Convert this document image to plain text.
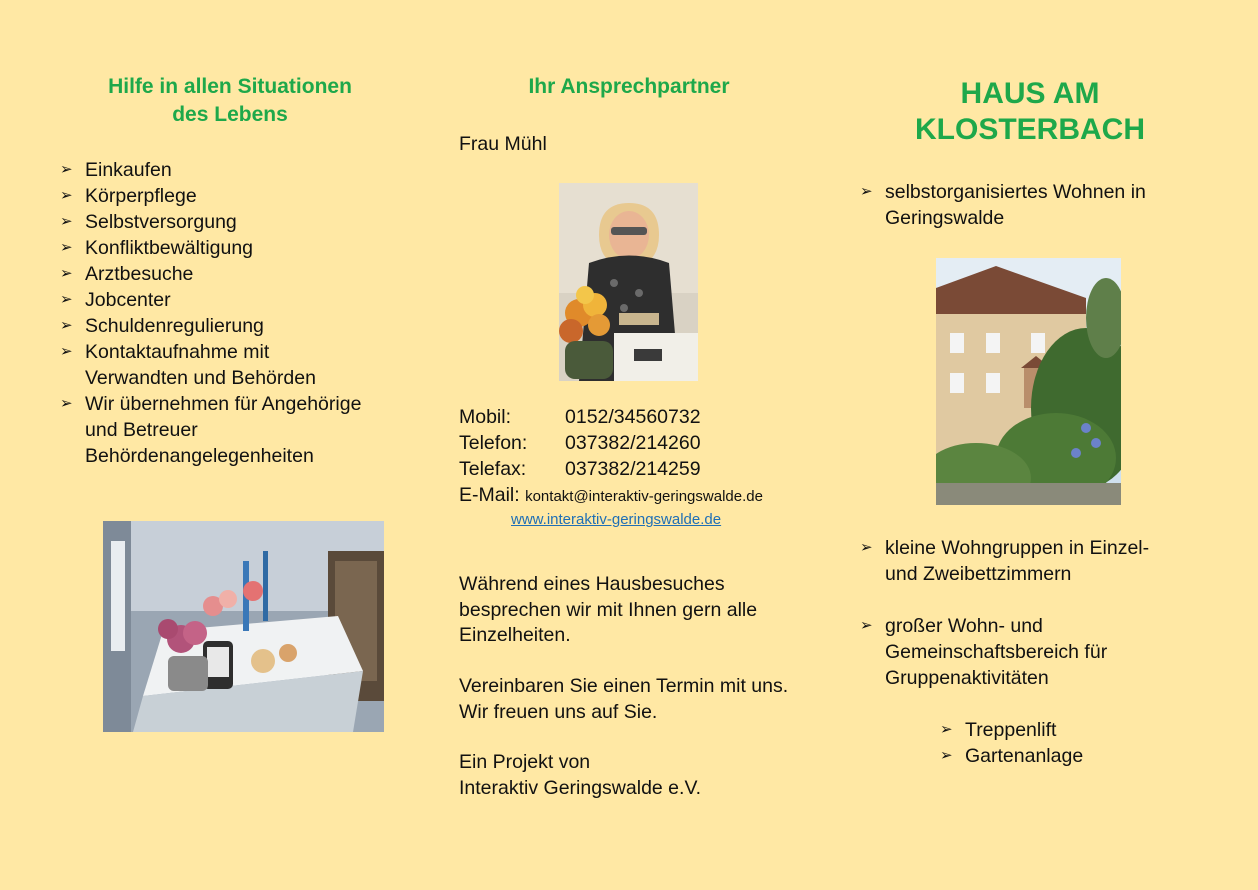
Hilfe in allen Situationen

des Lebens

➢ Einkaufen
➢ Körperpflege
➢ Selbstversorgung
➢ Konfliktbewältigung
➢ Arztbesuche
➢ Jobcenter
➢ Schuldenregulierung
➢ Kontaktaufnahme mit
Verwandten und Behörden
➢ Wir übernehmen für Angehörige
und Betreuer
Behördenangelegenheiten

Ihr Ansprechpartner

Frau Mühl

Mobil:	0152/34560732
Telefon:	037382/214260
Telefax:	037382/214259
E-Mail: kontakt@interaktiv-geringswalde.de
www.interaktiv-geringswalde.de

Während eines Hausbesuches besprechen wir mit Ihnen gern alle Einzelheiten.

Vereinbaren Sie einen Termin mit uns. Wir freuen uns auf Sie.

Ein Projekt von

Interaktiv Geringswalde e.V.

HAUS AM

KLOSTERBACH

➢ selbstorganisiertes Wohnen in
Geringswalde
➢ kleine Wohngruppen in Einzel-
und Zweibettzimmern
➢ großer Wohn- und
Gemeinschaftsbereich für
Gruppenaktivitäten
➢ Treppenlift
➢ Gartenanlage
